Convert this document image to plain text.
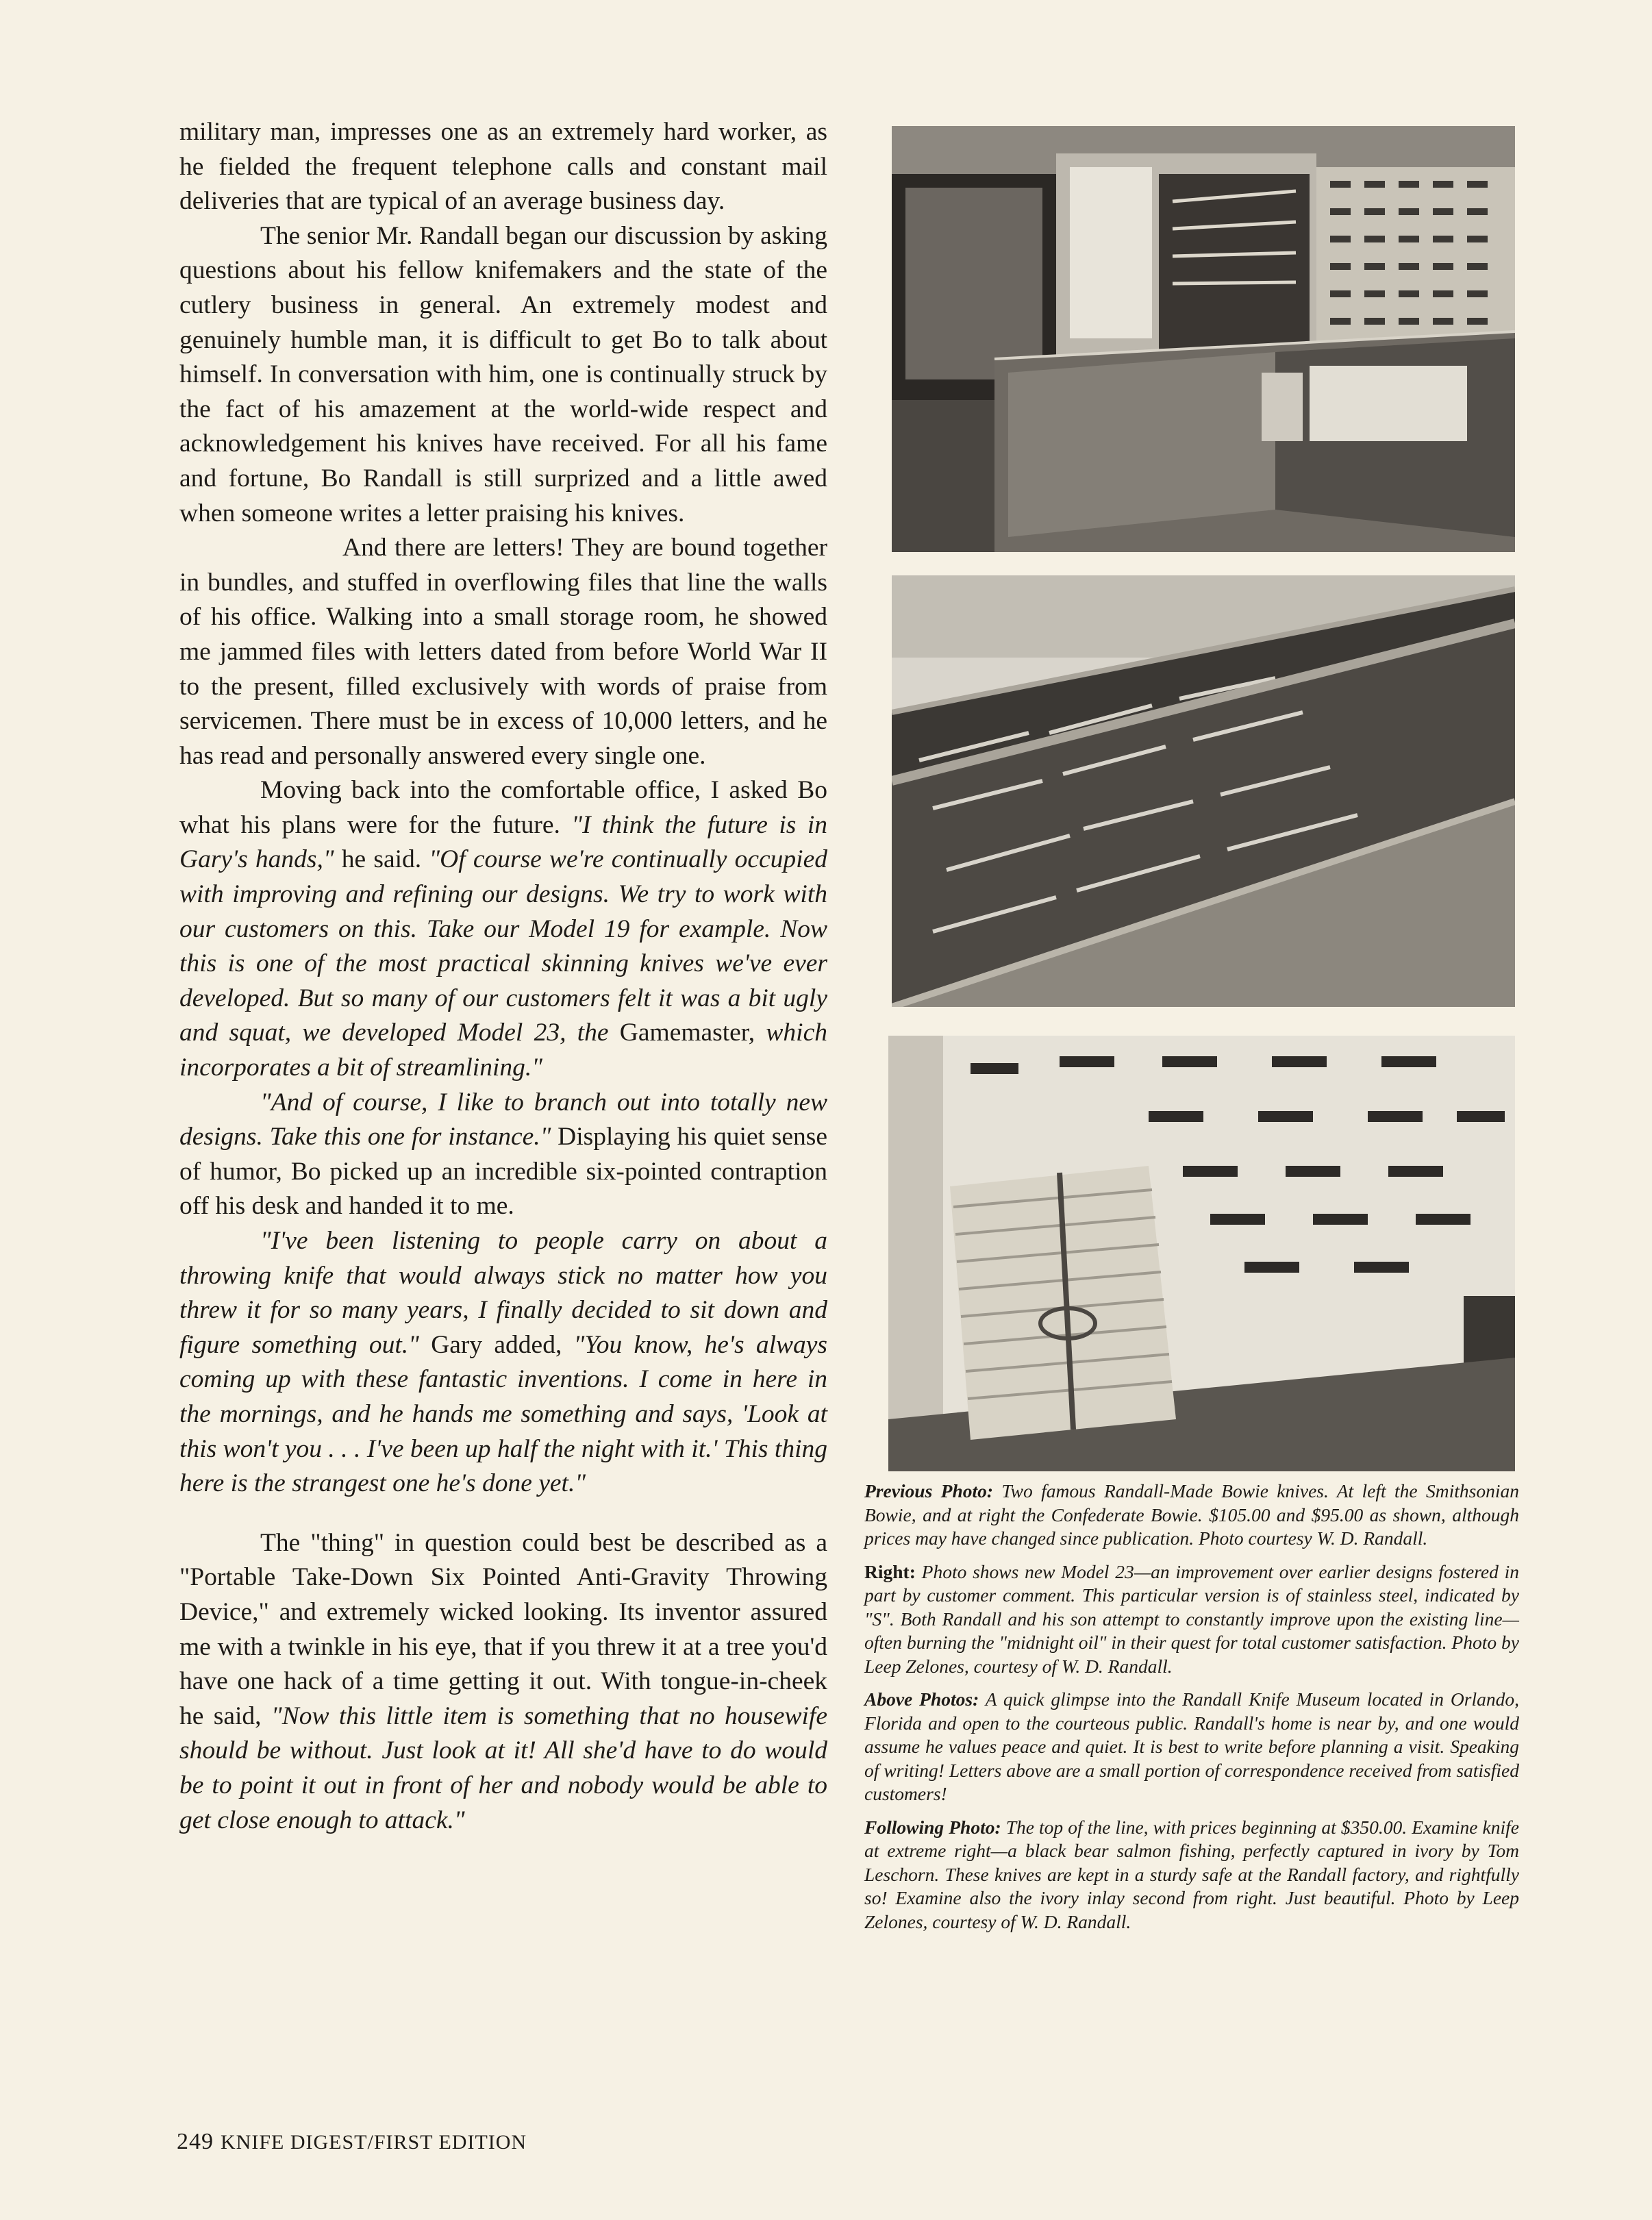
military man, impresses one as an extremely hard worker, as he fielded the frequent telephone calls and constant mail deliveries that are typical of an average business day.

The senior Mr. Randall began our discussion by asking questions about his fellow knifemakers and the state of the cutlery business in general. An extremely modest and genuinely humble man, it is difficult to get Bo to talk about himself. In conversation with him, one is continually struck by the fact of his amazement at the world-wide respect and acknowledgement his knives have received. For all his fame and fortune, Bo Randall is still surprized and a little awed when someone writes a letter praising his knives.

And there are letters! They are bound together in bundles, and stuffed in overflowing files that line the walls of his office. Walking into a small storage room, he showed me jammed files with letters dated from before World War II to the present, filled exclusively with words of praise from servicemen. There must be in excess of 10,000 letters, and he has read and personally answered every single one.

Moving back into the comfortable office, I asked Bo what his plans were for the future. "I think the future is in Gary's hands," he said. "Of course we're continually occupied with improving and refining our designs. We try to work with our customers on this. Take our Model 19 for example. Now this is one of the most practical skinning knives we've ever developed. But so many of our customers felt it was a bit ugly and squat, we developed Model 23, the Gamemaster, which incorporates a bit of streamlining."

"And of course, I like to branch out into totally new designs. Take this one for instance." Displaying his quiet sense of humor, Bo picked up an incredible six-pointed contraption off his desk and handed it to me.

"I've been listening to people carry on about a throwing knife that would always stick no matter how you threw it for so many years, I finally decided to sit down and figure something out." Gary added, "You know, he's always coming up with these fantastic inventions. I come in here in the mornings, and he hands me something and says, 'Look at this won't you . . . I've been up half the night with it.' This thing here is the strangest one he's done yet."

The "thing" in question could best be described as a "Portable Take-Down Six Pointed Anti-Gravity Throwing Device," and extremely wicked looking. Its inventor assured me with a twinkle in his eye, that if you threw it at a tree you'd have one hack of a time getting it out. With tongue-in-cheek he said, "Now this little item is something that no housewife should be without. Just look at it! All she'd have to do would be to point it out in front of her and nobody would be able to get close enough to attack."

Previous Photo: Two famous Randall-Made Bowie knives. At left the Smithsonian Bowie, and at right the Confederate Bowie. $105.00 and $95.00 as shown, although prices may have changed since publication. Photo courtesy W. D. Randall.

Right: Photo shows new Model 23—an improvement over earlier designs fostered in part by customer comment. This particular version is of stainless steel, indicated by "S". Both Randall and his son attempt to constantly improve upon the existing line—often burning the "midnight oil" in their quest for total customer satisfaction. Photo by Leep Zelones, courtesy of W. D. Randall.

Above Photos: A quick glimpse into the Randall Knife Museum located in Orlando, Florida and open to the courteous public. Randall's home is near by, and one would assume he values peace and quiet. It is best to write before planning a visit. Speaking of writing! Letters above are a small portion of correspondence received from satisfied customers!

Following Photo: The top of the line, with prices beginning at $350.00. Examine knife at extreme right—a black bear salmon fishing, perfectly captured in ivory by Tom Leschorn. These knives are kept in a sturdy safe at the Randall factory, and rightfully so! Examine also the ivory inlay second from right. Just beautiful. Photo by Leep Zelones, courtesy of W. D. Randall.

249 KNIFE DIGEST/FIRST EDITION
